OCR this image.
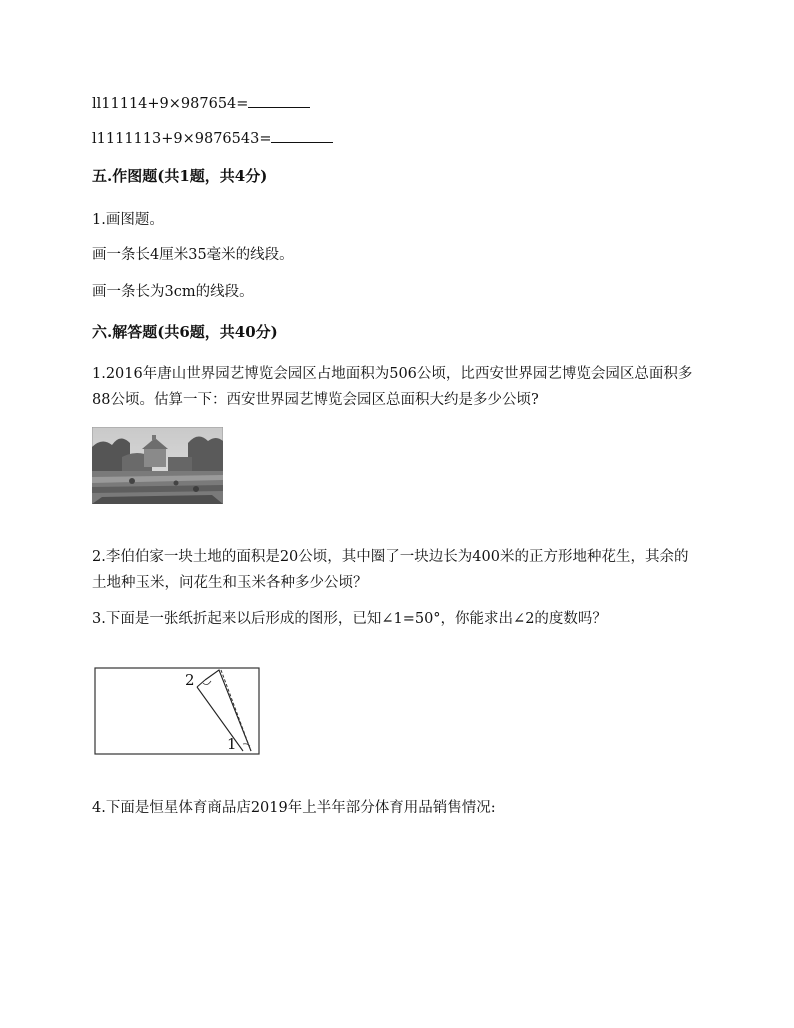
ll11114+9×987654=
l1111113+9×9876543=
五.作图题(共1题，共4分)
1.画图题。
画一条长4厘米35毫米的线段。
画一条长为3cm的线段。
六.解答题(共6题，共40分)
1.2016年唐山世界园艺博览会园区占地面积为506公顷，比西安世界园艺博览会园区总面积多88公顷。估算一下：西安世界园艺博览会园区总面积大约是多少公顷?
2.李伯伯家一块土地的面积是20公顷，其中圈了一块边长为400米的正方形地种花生，其余的土地种玉米，问花生和玉米各种多少公顷？
3.下面是一张纸折起来以后形成的图形，已知∠1=50°，你能求出∠2的度数吗？
2
1
4.下面是恒星体育商品店2019年上半年部分体育用品销售情况:
